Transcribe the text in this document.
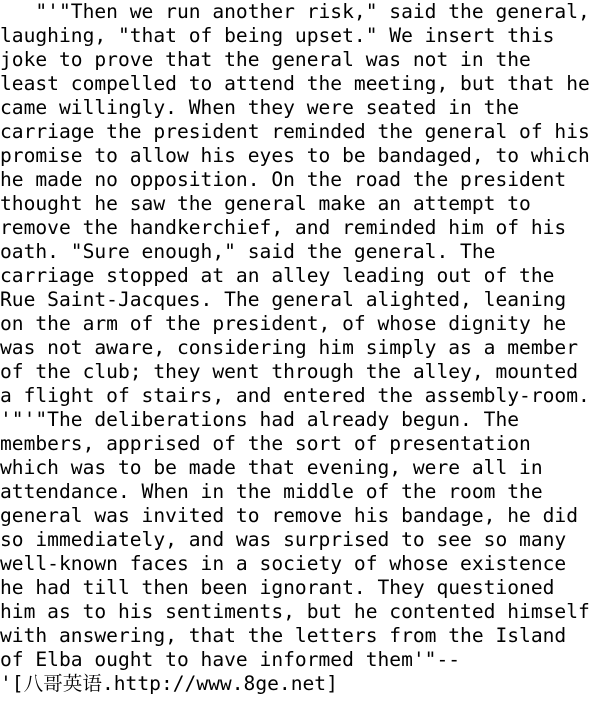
"'"Then we run another risk," said the general,
laughing, "that of being upset." We insert this
joke to prove that the general was not in the
least compelled to attend the meeting, but that he
came willingly. When they were seated in the
carriage the president reminded the general of his
promise to allow his eyes to be bandaged, to which
he made no opposition. On the road the president
thought he saw the general make an attempt to
remove the handkerchief, and reminded him of his
oath. "Sure enough," said the general. The
carriage stopped at an alley leading out of the
Rue Saint-Jacques. The general alighted, leaning
on the arm of the president, of whose dignity he
was not aware, considering him simply as a member
of the club; they went through the alley, mounted
a flight of stairs, and entered the assembly-room.
'"'"The deliberations had already begun. The
members, apprised of the sort of presentation
which was to be made that evening, were all in
attendance. When in the middle of the room the
general was invited to remove his bandage, he did
so immediately, and was surprised to see so many
well-known faces in a society of whose existence
he had till then been ignorant. They questioned
him as to his sentiments, but he contented himself
with answering, that the letters from the Island
of Elba ought to have informed them'"--
'[八哥英语.http://www.8ge.net]
